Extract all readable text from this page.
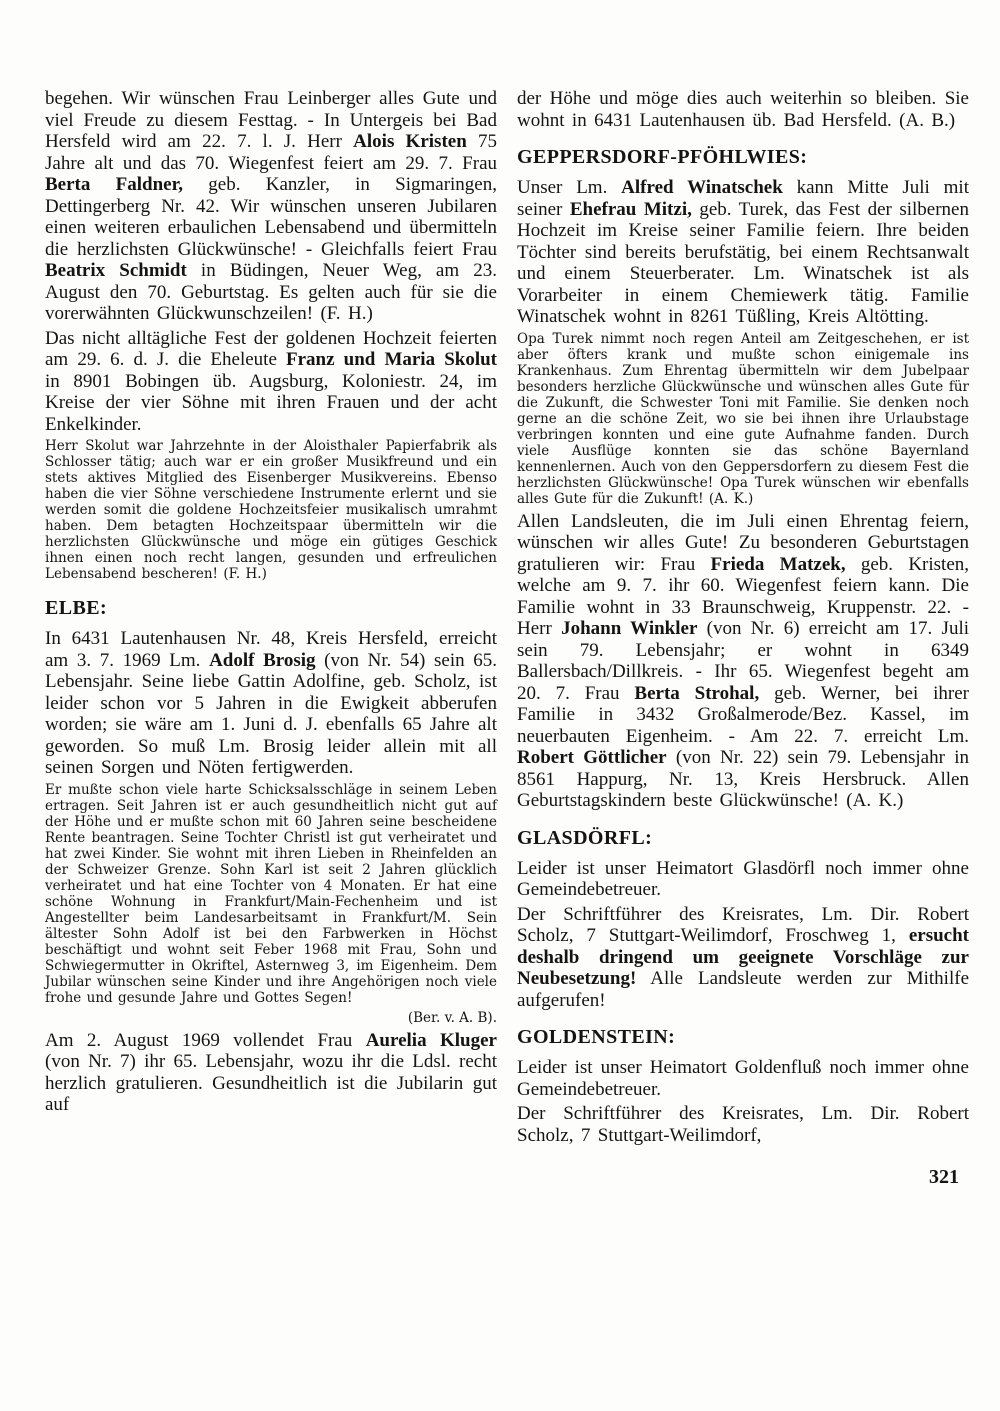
begehen. Wir wünschen Frau Leinberger alles Gute und viel Freude zu diesem Festtag. - In Untergeis bei Bad Hersfeld wird am 22. 7. l. J. Herr Alois Kristen 75 Jahre alt und das 70. Wiegenfest feiert am 29. 7. Frau Berta Faldner, geb. Kanzler, in Sigmaringen, Dettingerberg Nr. 42. Wir wünschen unseren Jubilaren einen weiteren erbaulichen Lebensabend und übermitteln die herzlichsten Glückwünsche! - Gleichfalls feiert Frau Beatrix Schmidt in Büdingen, Neuer Weg, am 23. August den 70. Geburtstag. Es gelten auch für sie die vorerwähnten Glückwunschzeilen! (F. H.)

Das nicht alltägliche Fest der goldenen Hochzeit feierten am 29. 6. d. J. die Eheleute Franz und Maria Skolut in 8901 Bobingen üb. Augsburg, Koloniestr. 24, im Kreise der vier Söhne mit ihren Frauen und der acht Enkelkinder.

Herr Skolut war Jahrzehnte in der Aloisthaler Papierfabrik als Schlosser tätig; auch war er ein großer Musikfreund und ein stets aktives Mitglied des Eisenberger Musikvereins. Ebenso haben die vier Söhne verschiedene Instrumente erlernt und sie werden somit die goldene Hochzeitsfeier musikalisch umrahmt haben. Dem betagten Hochzeitspaar übermitteln wir die herzlichsten Glückwünsche und möge ein gütiges Geschick ihnen einen noch recht langen, gesunden und erfreulichen Lebensabend bescheren! (F. H.)

ELBE:

In 6431 Lautenhausen Nr. 48, Kreis Hersfeld, erreicht am 3. 7. 1969 Lm. Adolf Brosig (von Nr. 54) sein 65. Lebensjahr. Seine liebe Gattin Adolfine, geb. Scholz, ist leider schon vor 5 Jahren in die Ewigkeit abberufen worden; sie wäre am 1. Juni d. J. ebenfalls 65 Jahre alt geworden. So muß Lm. Brosig leider allein mit all seinen Sorgen und Nöten fertigwerden.

Er mußte schon viele harte Schicksalsschläge in seinem Leben ertragen. Seit Jahren ist er auch gesundheitlich nicht gut auf der Höhe und er mußte schon mit 60 Jahren seine bescheidene Rente beantragen. Seine Tochter Christl ist gut verheiratet und hat zwei Kinder. Sie wohnt mit ihren Lieben in Rheinfelden an der Schweizer Grenze. Sohn Karl ist seit 2 Jahren glücklich verheiratet und hat eine Tochter von 4 Monaten. Er hat eine schöne Wohnung in Frankfurt/Main-Fechenheim und ist Angestellter beim Landesarbeitsamt in Frankfurt/M. Sein ältester Sohn Adolf ist bei den Farbwerken in Höchst beschäftigt und wohnt seit Feber 1968 mit Frau, Sohn und Schwiegermutter in Okriftel, Asternweg 3, im Eigenheim. Dem Jubilar wünschen seine Kinder und ihre Angehörigen noch viele frohe und gesunde Jahre und Gottes Segen!

(Ber. v. A. B).

Am 2. August 1969 vollendet Frau Aurelia Kluger (von Nr. 7) ihr 65. Lebensjahr, wozu ihr die Ldsl. recht herzlich gratulieren. Gesundheitlich ist die Jubilarin gut auf

der Höhe und möge dies auch weiterhin so bleiben. Sie wohnt in 6431 Lautenhausen üb. Bad Hersfeld. (A. B.)

GEPPERSDORF-PFÖHLWIES:

Unser Lm. Alfred Winatschek kann Mitte Juli mit seiner Ehefrau Mitzi, geb. Turek, das Fest der silbernen Hochzeit im Kreise seiner Familie feiern. Ihre beiden Töchter sind bereits berufstätig, bei einem Rechtsanwalt und einem Steuerberater. Lm. Winatschek ist als Vorarbeiter in einem Chemiewerk tätig. Familie Winatschek wohnt in 8261 Tüßling, Kreis Altötting.

Opa Turek nimmt noch regen Anteil am Zeitgeschehen, er ist aber öfters krank und mußte schon einigemale ins Krankenhaus. Zum Ehrentag übermitteln wir dem Jubelpaar besonders herzliche Glückwünsche und wünschen alles Gute für die Zukunft, die Schwester Toni mit Familie. Sie denken noch gerne an die schöne Zeit, wo sie bei ihnen ihre Urlaubstage verbringen konnten und eine gute Aufnahme fanden. Durch viele Ausflüge konnten sie das schöne Bayernland kennenlernen. Auch von den Geppersdorfern zu diesem Fest die herzlichsten Glückwünsche! Opa Turek wünschen wir ebenfalls alles Gute für die Zukunft! (A. K.)

Allen Landsleuten, die im Juli einen Ehrentag feiern, wünschen wir alles Gute! Zu besonderen Geburtstagen gratulieren wir: Frau Frieda Matzek, geb. Kristen, welche am 9. 7. ihr 60. Wiegenfest feiern kann. Die Familie wohnt in 33 Braunschweig, Kruppenstr. 22. - Herr Johann Winkler (von Nr. 6) erreicht am 17. Juli sein 79. Lebensjahr; er wohnt in 6349 Ballersbach/Dillkreis. - Ihr 65. Wiegenfest begeht am 20. 7. Frau Berta Strohal, geb. Werner, bei ihrer Familie in 3432 Großalmerode/Bez. Kassel, im neuerbauten Eigenheim. - Am 22. 7. erreicht Lm. Robert Göttlicher (von Nr. 22) sein 79. Lebensjahr in 8561 Happurg, Nr. 13, Kreis Hersbruck. Allen Geburtstagskindern beste Glückwünsche! (A. K.)

GLASDÖRFL:

Leider ist unser Heimatort Glasdörfl noch immer ohne Gemeindebetreuer.

Der Schriftführer des Kreisrates, Lm. Dir. Robert Scholz, 7 Stuttgart-Weilimdorf, Froschweg 1, ersucht deshalb dringend um geeignete Vorschläge zur Neubesetzung! Alle Landsleute werden zur Mithilfe aufgerufen!

GOLDENSTEIN:

Leider ist unser Heimatort Goldenfluß noch immer ohne Gemeindebetreuer.

Der Schriftführer des Kreisrates, Lm. Dir. Robert Scholz, 7 Stuttgart-Weilimdorf,

321
